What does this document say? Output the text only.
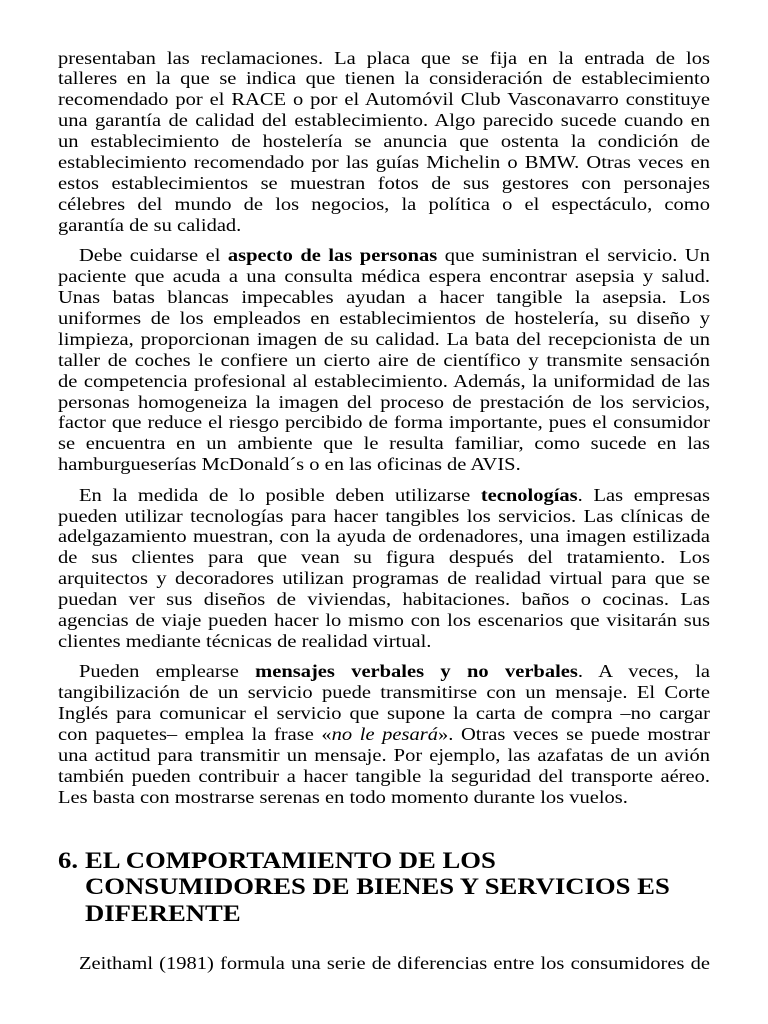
presentaban las reclamaciones. La placa que se fija en la entrada de los
talleres en la que se indica que tienen la consideración de establecimiento
recomendado por el RACE o por el Automóvil Club Vasconavarro constituye
una garantía de calidad del establecimiento. Algo parecido sucede cuando en
un establecimiento de hostelería se anuncia que ostenta la condición de
establecimiento recomendado por las guías Michelin o BMW. Otras veces en
estos establecimientos se muestran fotos de sus gestores con personajes
célebres del mundo de los negocios, la política o el espectáculo, como
garantía de su calidad.
Debe cuidarse el aspecto de las personas que suministran el servicio. Un
paciente que acuda a una consulta médica espera encontrar asepsia y salud.
Unas batas blancas impecables ayudan a hacer tangible la asepsia. Los
uniformes de los empleados en establecimientos de hostelería, su diseño y
limpieza, proporcionan imagen de su calidad. La bata del recepcionista de un
taller de coches le confiere un cierto aire de científico y transmite sensación
de competencia profesional al establecimiento. Además, la uniformidad de las
personas homogeneiza la imagen del proceso de prestación de los servicios,
factor que reduce el riesgo percibido de forma importante, pues el consumidor
se encuentra en un ambiente que le resulta familiar, como sucede en las
hamburgueserías McDonald´s o en las oficinas de AVIS.
En la medida de lo posible deben utilizarse tecnologías. Las empresas
pueden utilizar tecnologías para hacer tangibles los servicios. Las clínicas de
adelgazamiento muestran, con la ayuda de ordenadores, una imagen estilizada
de sus clientes para que vean su figura después del tratamiento. Los
arquitectos y decoradores utilizan programas de realidad virtual para que se
puedan ver sus diseños de viviendas, habitaciones. baños o cocinas. Las
agencias de viaje pueden hacer lo mismo con los escenarios que visitarán sus
clientes mediante técnicas de realidad virtual.
Pueden emplearse mensajes verbales y no verbales. A veces, la
tangibilización de un servicio puede transmitirse con un mensaje. El Corte
Inglés para comunicar el servicio que supone la carta de compra –no cargar
con paquetes– emplea la frase «no le pesará». Otras veces se puede mostrar
una actitud para transmitir un mensaje. Por ejemplo, las azafatas de un avión
también pueden contribuir a hacer tangible la seguridad del transporte aéreo.
Les basta con mostrarse serenas en todo momento durante los vuelos.
6. EL COMPORTAMIENTO DE LOS
CONSUMIDORES DE BIENES Y SERVICIOS ES
DIFERENTE
Zeithaml (1981) formula una serie de diferencias entre los consumidores de
